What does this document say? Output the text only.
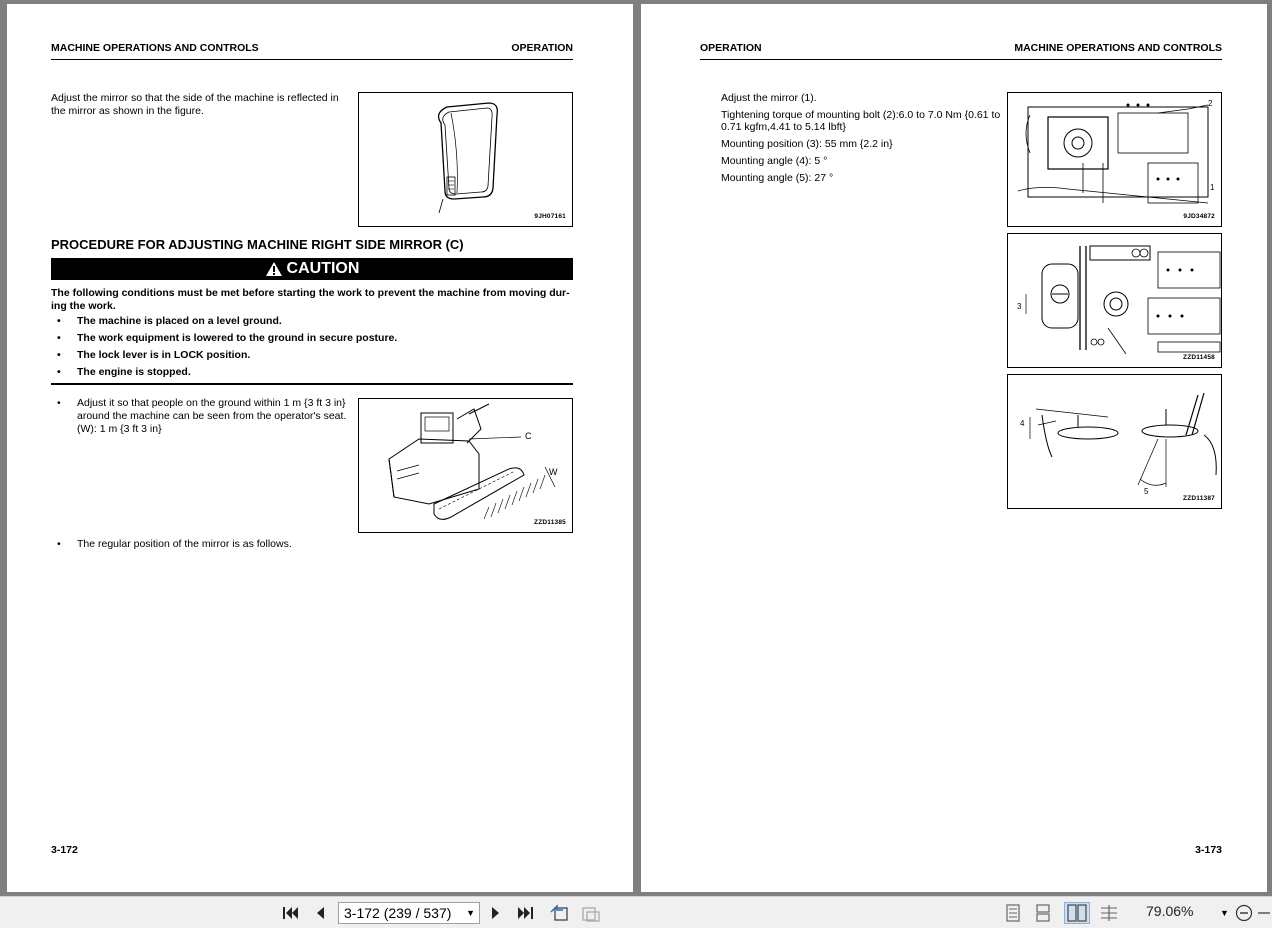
MACHINE OPERATIONS AND CONTROLS	OPERATION
Adjust the mirror so that the side of the machine is reflected in the mirror as shown in the figure.
9JH07161
PROCEDURE FOR ADJUSTING MACHINE RIGHT SIDE MIRROR (C)
CAUTION
The following conditions must be met before starting the work to prevent the machine from moving dur-ing the work.
• The machine is placed on a level ground.
• The work equipment is lowered to the ground in secure posture.
• The lock lever is in LOCK position.
• The engine is stopped.
• Adjust it so that people on the ground within 1 m {3 ft 3 in} around the machine can be seen from the operator's seat. (W): 1 m {3 ft 3 in}
C
W
ZZD11385
• The regular position of the mirror is as follows.
3-172
OPERATION	MACHINE OPERATIONS AND CONTROLS
Adjust the mirror (1).
Tightening torque of mounting bolt (2):6.0 to 7.0 Nm {0.61 to 0.71 kgfm,4.41 to 5.14 lbft}
Mounting position (3): 55 mm {2.2 in}
Mounting angle (4): 5 °
Mounting angle (5): 27 °
2
1
9JD34872
3
ZZD11458
4
5
ZZD11387
3-173
3-172 (239 / 537) ▼	79.06%	▼
